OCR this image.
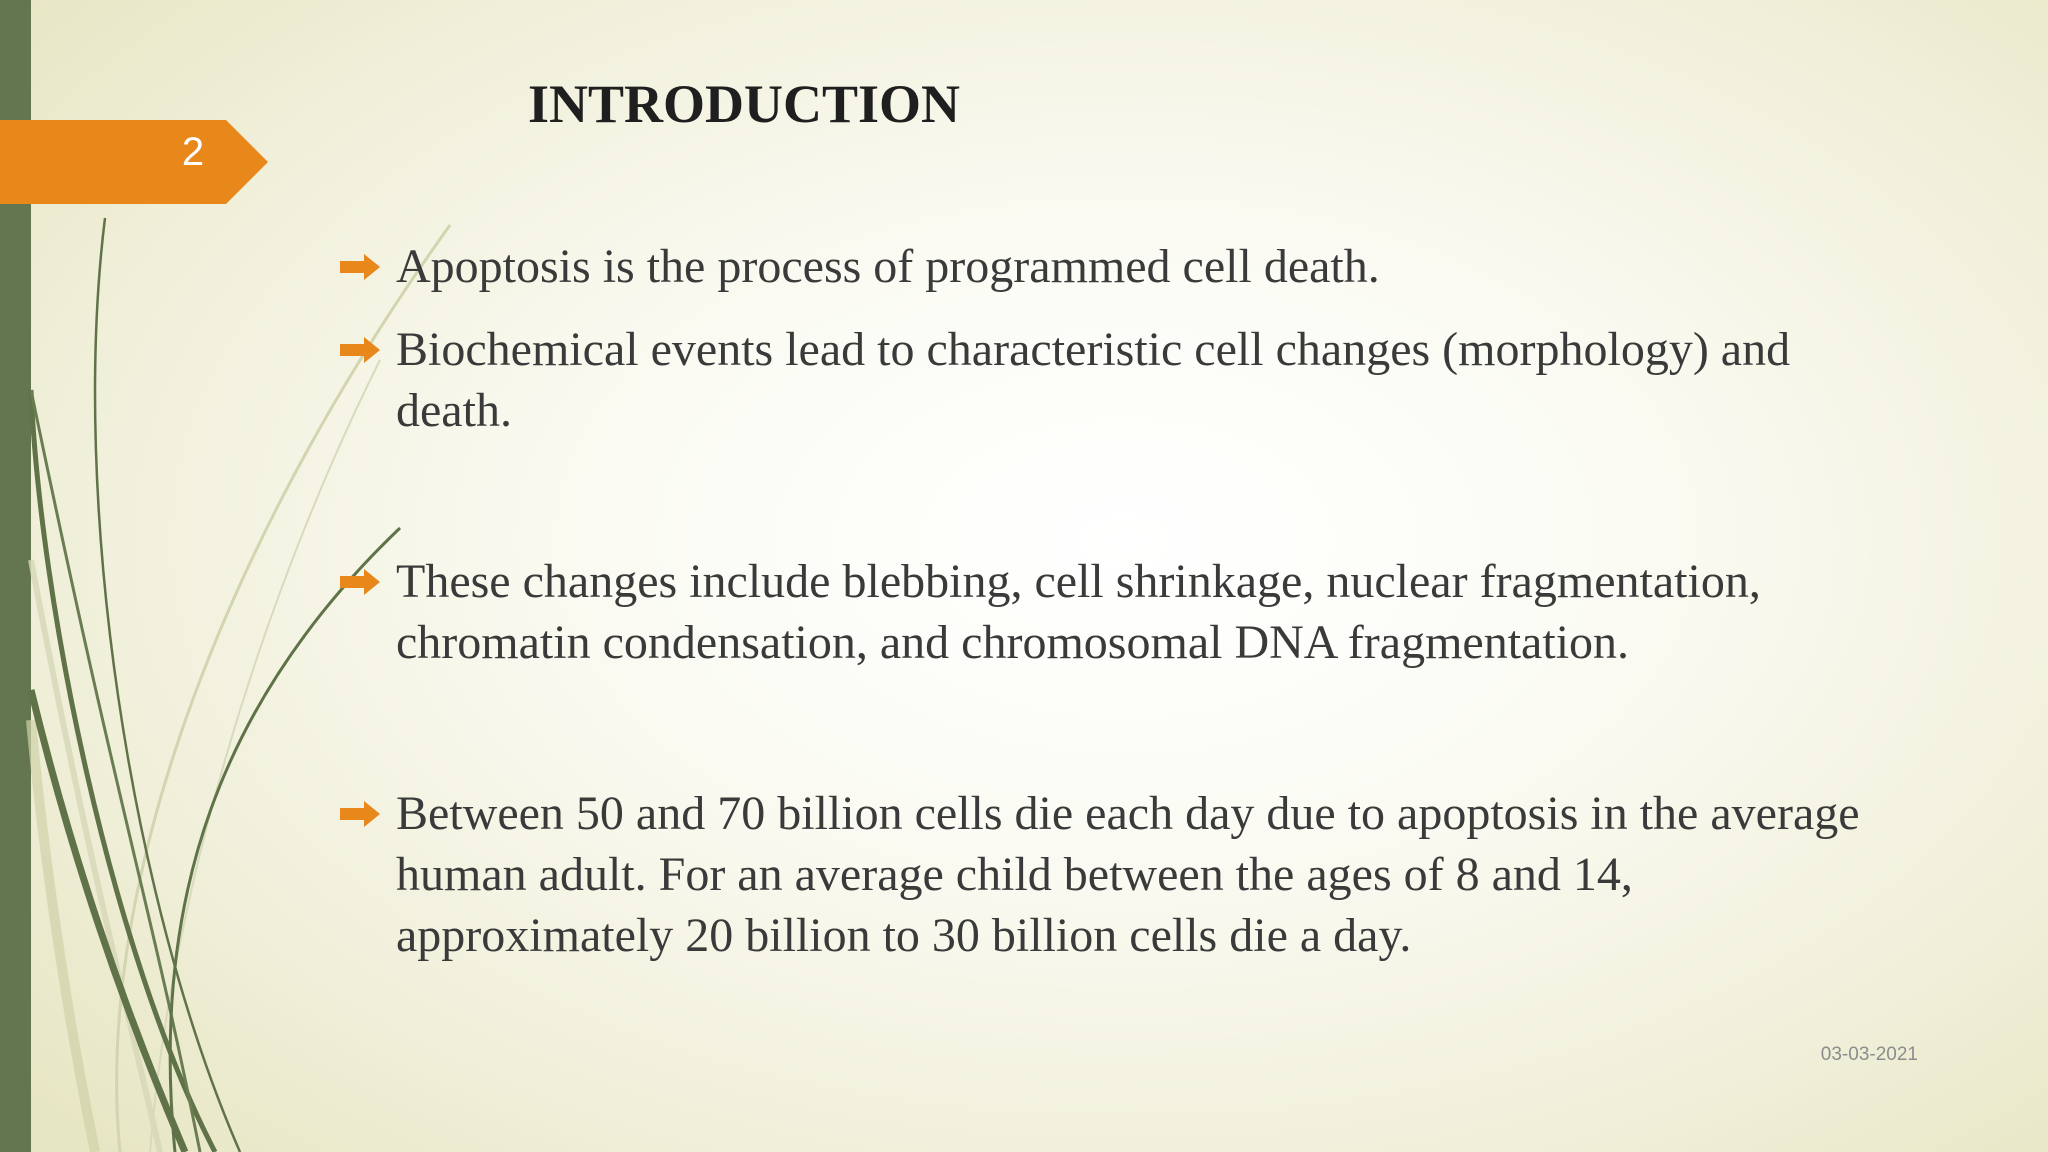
2
INTRODUCTION
Apoptosis is the process of programmed cell death.
Biochemical events lead to characteristic cell changes (morphology) and death.
These changes include blebbing, cell shrinkage, nuclear fragmentation, chromatin condensation, and chromosomal DNA fragmentation.
Between 50 and 70 billion cells die each day due to apoptosis in the average human adult. For an average child between the ages of 8 and 14, approximately 20 billion to 30 billion cells die a day.
03-03-2021
